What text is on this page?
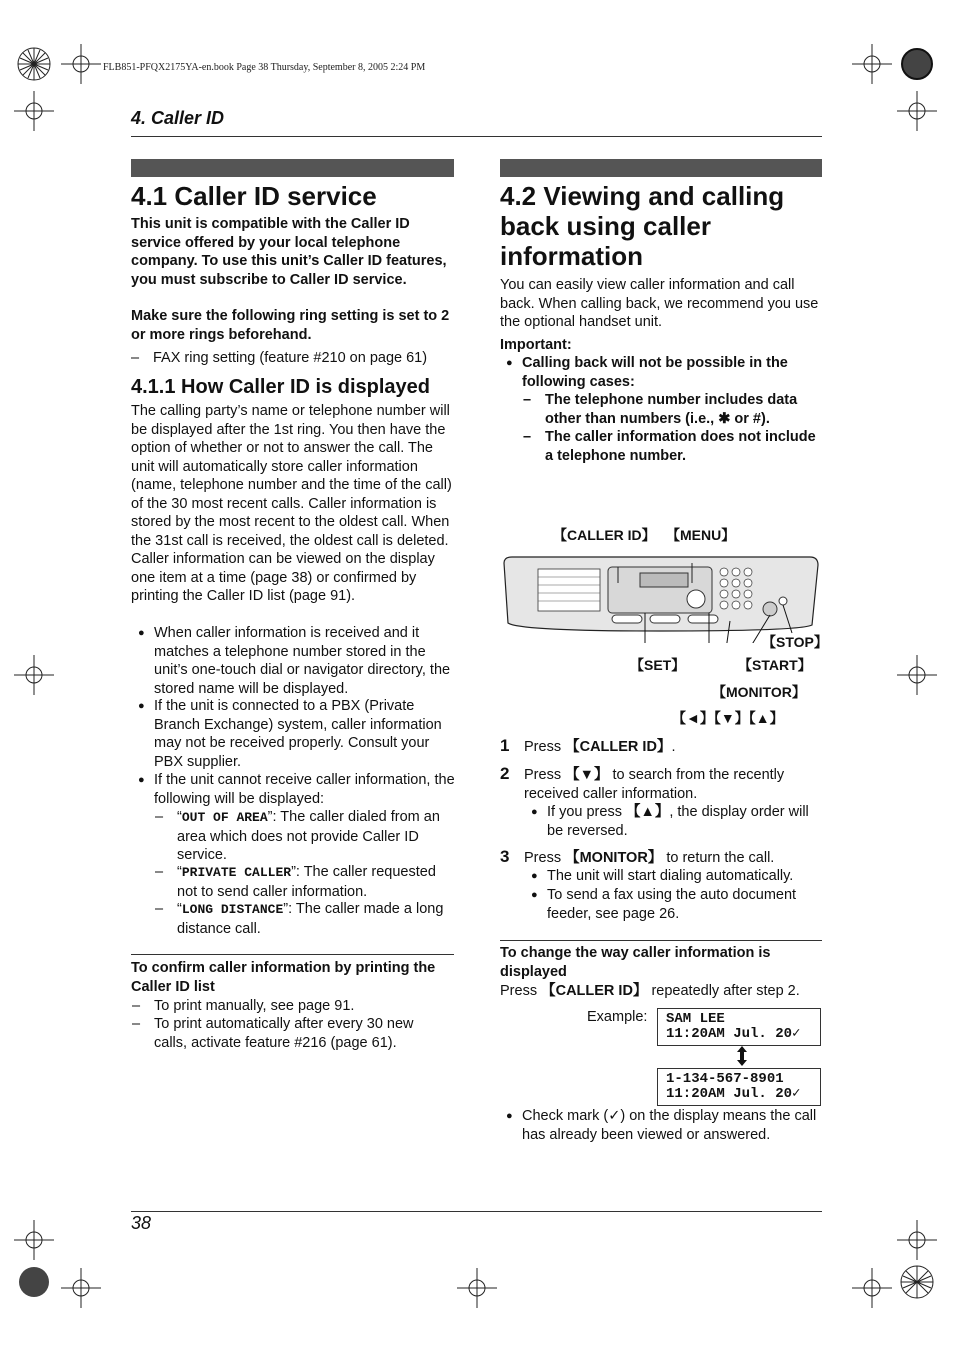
FLB851-PFQX2175YA-en.book Page 38 Thursday, September 8, 2005 2:24 PM
4. Caller ID
4.1 Caller ID service
This unit is compatible with the Caller ID service offered by your local telephone company. To use this unit’s Caller ID features, you must subscribe to Caller ID service.
Make sure the following ring setting is set to 2 or more rings beforehand.
– FAX ring setting (feature #210 on page 61)
4.1.1 How Caller ID is displayed
The calling party’s name or telephone number will be displayed after the 1st ring. You then have the option of whether or not to answer the call. The unit will automatically store caller information (name, telephone number and the time of the call) of the 30 most recent calls. Caller information is stored by the most recent to the oldest call. When the 31st call is received, the oldest call is deleted. Caller information can be viewed on the display one item at a time (page 38) or confirmed by printing the Caller ID list (page 91).
● When caller information is received and it matches a telephone number stored in the unit’s one-touch dial or navigator directory, the stored name will be displayed.
● If the unit is connected to a PBX (Private Branch Exchange) system, caller information may not be received properly. Consult your PBX supplier.
● If the unit cannot receive caller information, the following will be displayed:
– “OUT OF AREA”: The caller dialed from an area which does not provide Caller ID service.
– “PRIVATE CALLER”: The caller requested not to send caller information.
– “LONG DISTANCE”: The caller made a long distance call.
To confirm caller information by printing the Caller ID list
– To print manually, see page 91.
– To print automatically after every 30 new calls, activate feature #216 (page 61).
4.2 Viewing and calling back using caller information
You can easily view caller information and call back. When calling back, we recommend you use the optional handset unit.
Important:
● Calling back will not be possible in the following cases:
– The telephone number includes data other than numbers (i.e., ✱ or #).
– The caller information does not include a telephone number.
【CALLER ID】 【MENU】
【STOP】
【SET】	【START】
【MONITOR】
【◄】【▼】【▲】
1 Press 【CALLER ID】.
2 Press 【▼】 to search from the recently received caller information.
● If you press 【▲】, the display order will be reversed.
3 Press 【MONITOR】 to return the call.
● The unit will start dialing automatically.
● To send a fax using the auto document feeder, see page 26.
To change the way caller information is displayed
Press 【CALLER ID】 repeatedly after step 2.
Example: SAM LEE
11:20AM Jul. 20✓
1-134-567-8901
11:20AM Jul. 20✓
● Check mark (✓) on the display means the call has already been viewed or answered.
38
